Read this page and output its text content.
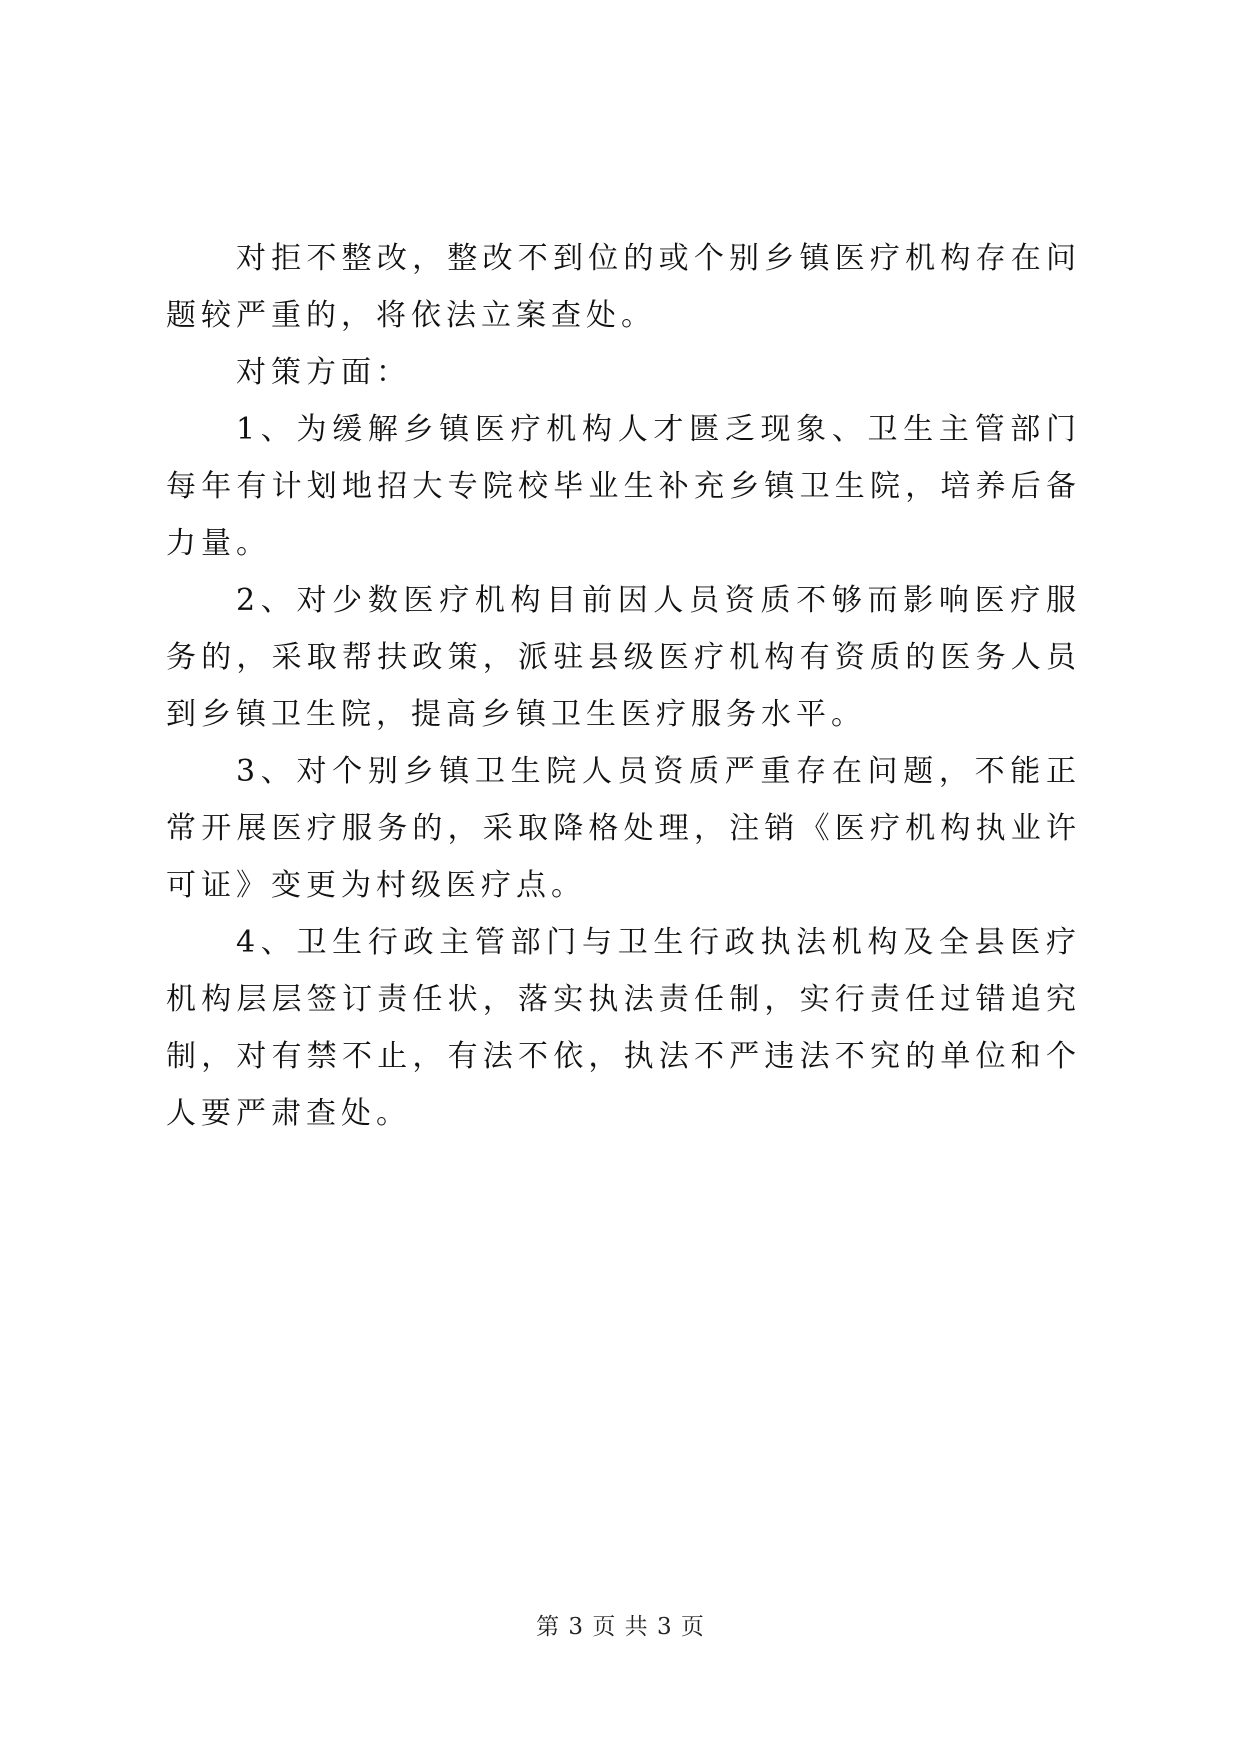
对拒不整改，整改不到位的或个别乡镇医疗机构存在问题较严重的，将依法立案查处。

对策方面：

1、为缓解乡镇医疗机构人才匮乏现象、卫生主管部门每年有计划地招大专院校毕业生补充乡镇卫生院，培养后备力量。

2、对少数医疗机构目前因人员资质不够而影响医疗服务的，采取帮扶政策，派驻县级医疗机构有资质的医务人员到乡镇卫生院，提高乡镇卫生医疗服务水平。

3、对个别乡镇卫生院人员资质严重存在问题，不能正常开展医疗服务的，采取降格处理，注销《医疗机构执业许可证》变更为村级医疗点。

4、卫生行政主管部门与卫生行政执法机构及全县医疗机构层层签订责任状，落实执法责任制，实行责任过错追究制，对有禁不止，有法不依，执法不严违法不究的单位和个人要严肃查处。

第 3 页 共 3 页
